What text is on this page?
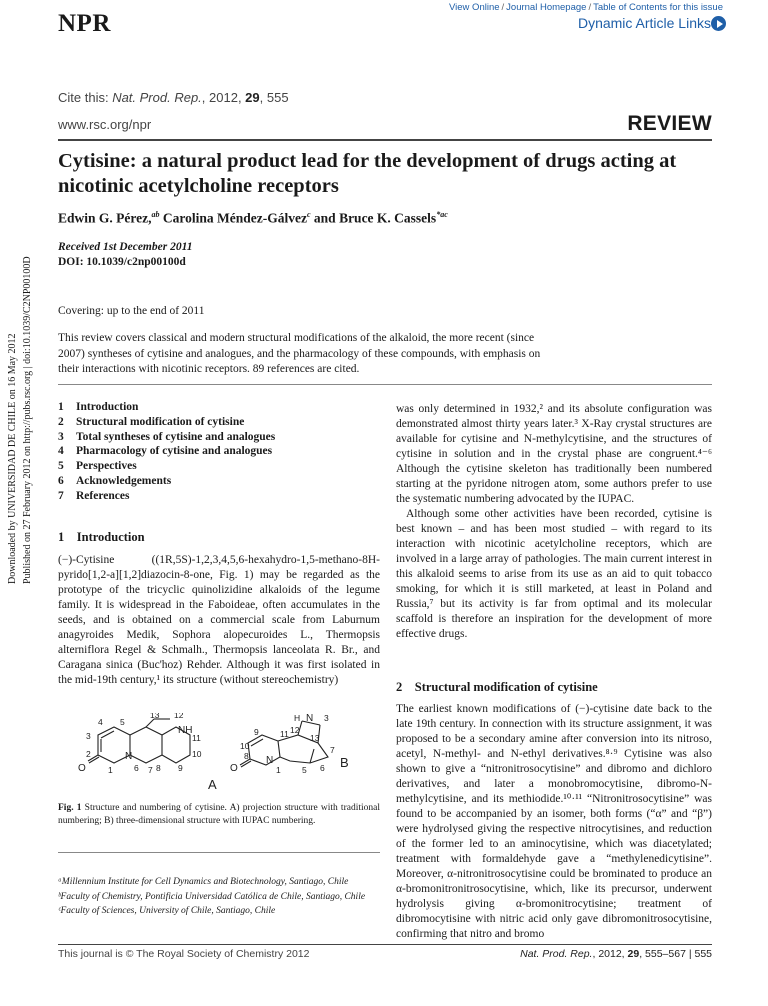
NPR
View Online / Journal Homepage / Table of Contents for this issue
Dynamic Article Links
Cite this: Nat. Prod. Rep., 2012, 29, 555
www.rsc.org/npr	REVIEW
Cytisine: a natural product lead for the development of drugs acting at nicotinic acetylcholine receptors
Edwin G. Pérez,$^{ab}$ Carolina Méndez-Gálvez$^c$ and Bruce K. Cassels$^{*ac}$
Received 1st December 2011
DOI: 10.1039/c2np00100d
Covering: up to the end of 2011
This review covers classical and modern structural modifications of the alkaloid, the more recent (since 2007) syntheses of cytisine and analogues, and the pharmacology of these compounds, with emphasis on their interactions with nicotinic receptors. 89 references are cited.
Downloaded by UNIVERSIDAD DE CHILE on 16 May 2012 Published on 27 February 2012 on http://pubs.rsc.org | doi:10.1039/C2NP00100D 1 Introduction
2 Structural modification of cytisine
3 Total syntheses of cytisine and analogues
4 Pharmacology of cytisine and analogues
5 Perspectives
6 Acknowledgements
7 References
1    Introduction
(−)-Cytisine ((1R,5S)-1,2,3,4,5,6-hexahydro-1,5-methano-8H-pyrido[1,2-a][1,2]diazocin-8-one, Fig. 1) may be regarded as the prototype of the tricyclic quinolizidine alkaloids of the legume family. It is widespread in the Faboideae, often accumulates in the seeds, and is obtained on a commercial scale from Laburnum anagyroides Medik, Sophora alopecuroides L., Thermopsis alterniflora Regel & Schmalh., Thermopsis lanceolata R. Br., and Caragana sinica (Buc'hoz) Rehder. Although it was first isolated in the mid-19th century,¹ its structure (without stereochemistry)
13 12
NH
11
10
9
8
7
6
5
4
3
2
1
N
O
A
H N 3
12
11 13
7
6
9
10
8 N
O	1	5	B
Fig. 1 Structure and numbering of cytisine. A) projection structure with traditional numbering; B) three-dimensional structure with IUPAC numbering.
ᵃMillennium Institute for Cell Dynamics and Biotechnology, Santiago, Chile
ᵇFaculty of Chemistry, Pontificia Universidad Católica de Chile, Santiago, Chile
ᶜFaculty of Sciences, University of Chile, Santiago, Chile
was only determined in 1932,² and its absolute configuration was demonstrated almost thirty years later.³ X-Ray crystal structures are available for cytisine and N-methylcytisine, and the structures of cytisine in solution and in the crystal phase are congruent.⁴⁻⁶ Although the cytisine skeleton has traditionally been numbered starting at the pyridone nitrogen atom, some authors prefer to use the systematic numbering advocated by the IUPAC.
Although some other activities have been recorded, cytisine is best known – and has been most studied – with regard to its interaction with nicotinic acetylcholine receptors, which are involved in a large array of pathologies. The main current interest in this alkaloid seems to arise from its use as an aid to quit tobacco smoking, for which it is still marketed, at least in Poland and Russia,⁷ but its activity is far from optimal and its molecular scaffold is therefore an inspiration for the development of more effective drugs.
2    Structural modification of cytisine
The earliest known modifications of (−)-cytisine date back to the late 19th century. In connection with its structure assignment, it was proposed to be a secondary amine after conversion into its nitroso, acetyl, N-methyl- and N-ethyl derivatives.⁸·⁹ Cytisine was also shown to give a “nitronitrosocytisine” and dibromo and dichloro derivatives, and later a monobromocytisine, dibromo-N-methylcytisine, and its methiodide.¹⁰·¹¹ “Nitronitrosocytisine” was found to be accompanied by an isomer, both forms (“α” and “β”) were hydrolysed giving the respective nitrocytisines, and reduction of the former led to an aminocytisine, which was diacetylated; treatment with formaldehyde gave a “methylenedicytisine”. Moreover, α-nitronitrosocytisine could be brominated to produce an α-bromonitronitrosocytisine, which, like its precursor, underwent hydrolysis giving α-bromonitrocytisine; treatment of dibromocytisine with nitric acid only gave dibromonitrosocytisine, confirming that nitro and bromo
This journal is © The Royal Society of Chemistry 2012	Nat. Prod. Rep., 2012, 29, 555–567 | 555
